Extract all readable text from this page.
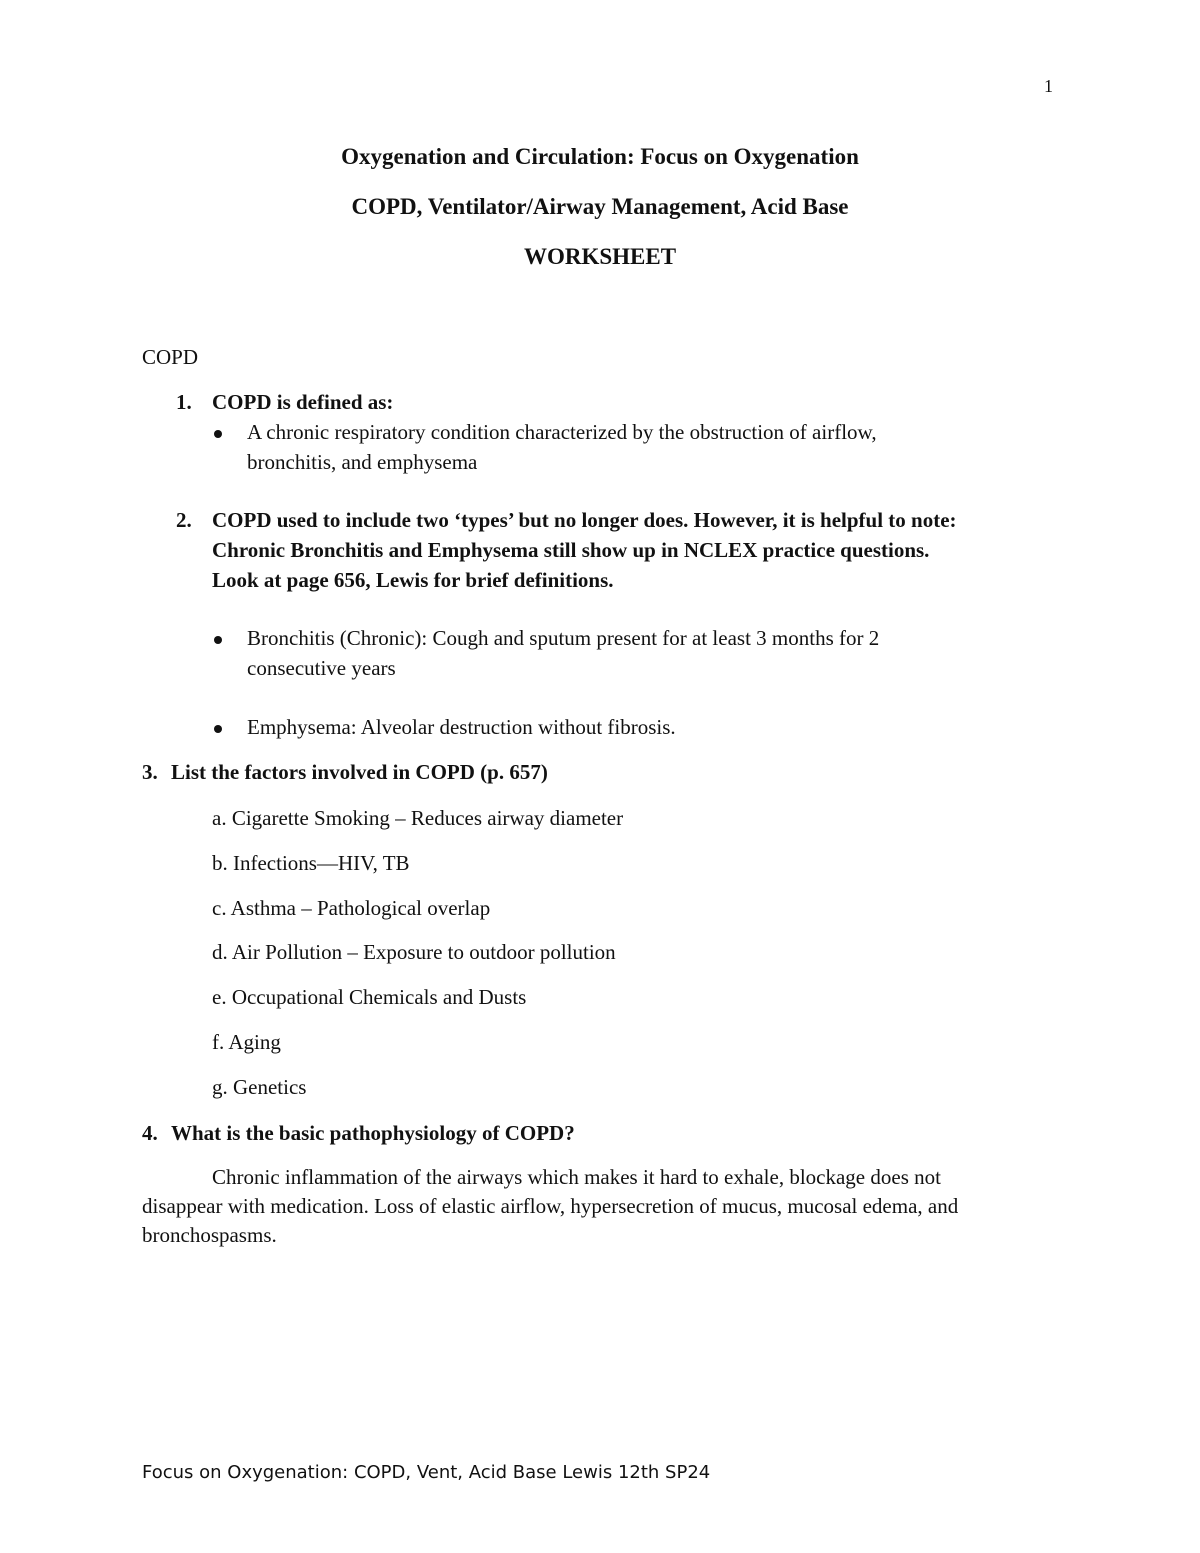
1
Oxygenation and Circulation: Focus on Oxygenation
COPD, Ventilator/Airway Management, Acid Base
WORKSHEET
COPD
1. COPD is defined as:
A chronic respiratory condition characterized by the obstruction of airflow,
bronchitis, and emphysema
2. COPD used to include two ‘types’ but no longer does. However, it is helpful to note:
Chronic Bronchitis and Emphysema still show up in NCLEX practice questions.
Look at page 656, Lewis for brief definitions.
Bronchitis (Chronic): Cough and sputum present for at least 3 months for 2
consecutive years
Emphysema: Alveolar destruction without fibrosis.
3. List the factors involved in COPD (p. 657)
a. Cigarette Smoking – Reduces airway diameter
b. Infections—HIV, TB
c. Asthma – Pathological overlap
d. Air Pollution – Exposure to outdoor pollution
e. Occupational Chemicals and Dusts
f. Aging
g. Genetics
4. What is the basic pathophysiology of COPD?
Chronic inflammation of the airways which makes it hard to exhale, blockage does not
disappear with medication. Loss of elastic airflow, hypersecretion of mucus, mucosal edema, and
bronchospasms.
Focus on Oxygenation: COPD, Vent, Acid Base Lewis 12th SP24
